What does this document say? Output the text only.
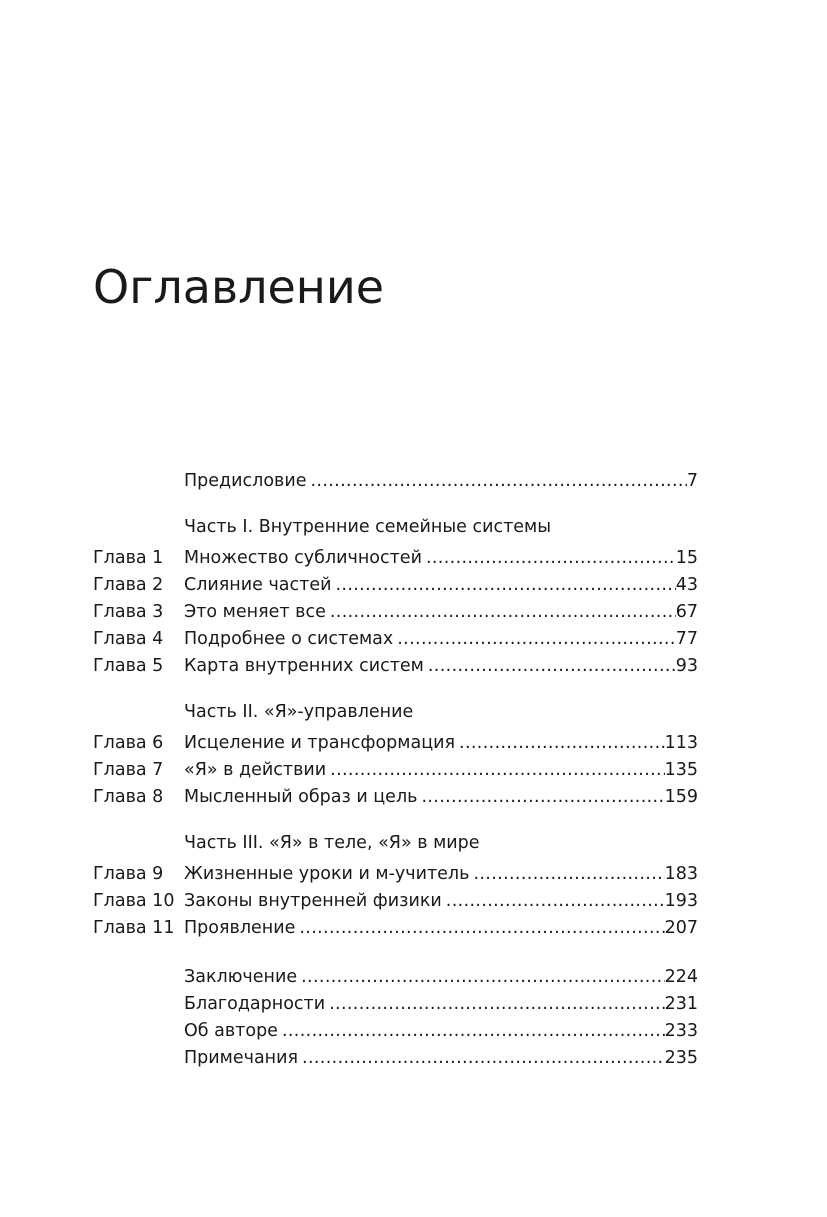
Оглавление
Предисловие . . .	7
Часть I. Внутренние семейные системы
Глава 1	Множество субличностей . . .	15
Глава 2	Слияние частей . . .	43
Глава 3	Это меняет все . . .	67
Глава 4	Подробнее о системах . . .	77
Глава 5	Карта внутренних систем . . .	93
Часть II. «Я»-управление
Глава 6	Исцеление и трансформация . . .	113
Глава 7	«Я» в действии . . .	135
Глава 8	Мысленный образ и цель . . .	159
Часть III. «Я» в теле, «Я» в мире
Глава 9	Жизненные уроки и м-учитель . . .	183
Глава 10 Законы внутренней физики . . .	193
Глава 11 Проявление . . .	207
Заключение . . .	224
Благодарности . . .	231
Об авторе . . .	233
Примечания . . .	235
